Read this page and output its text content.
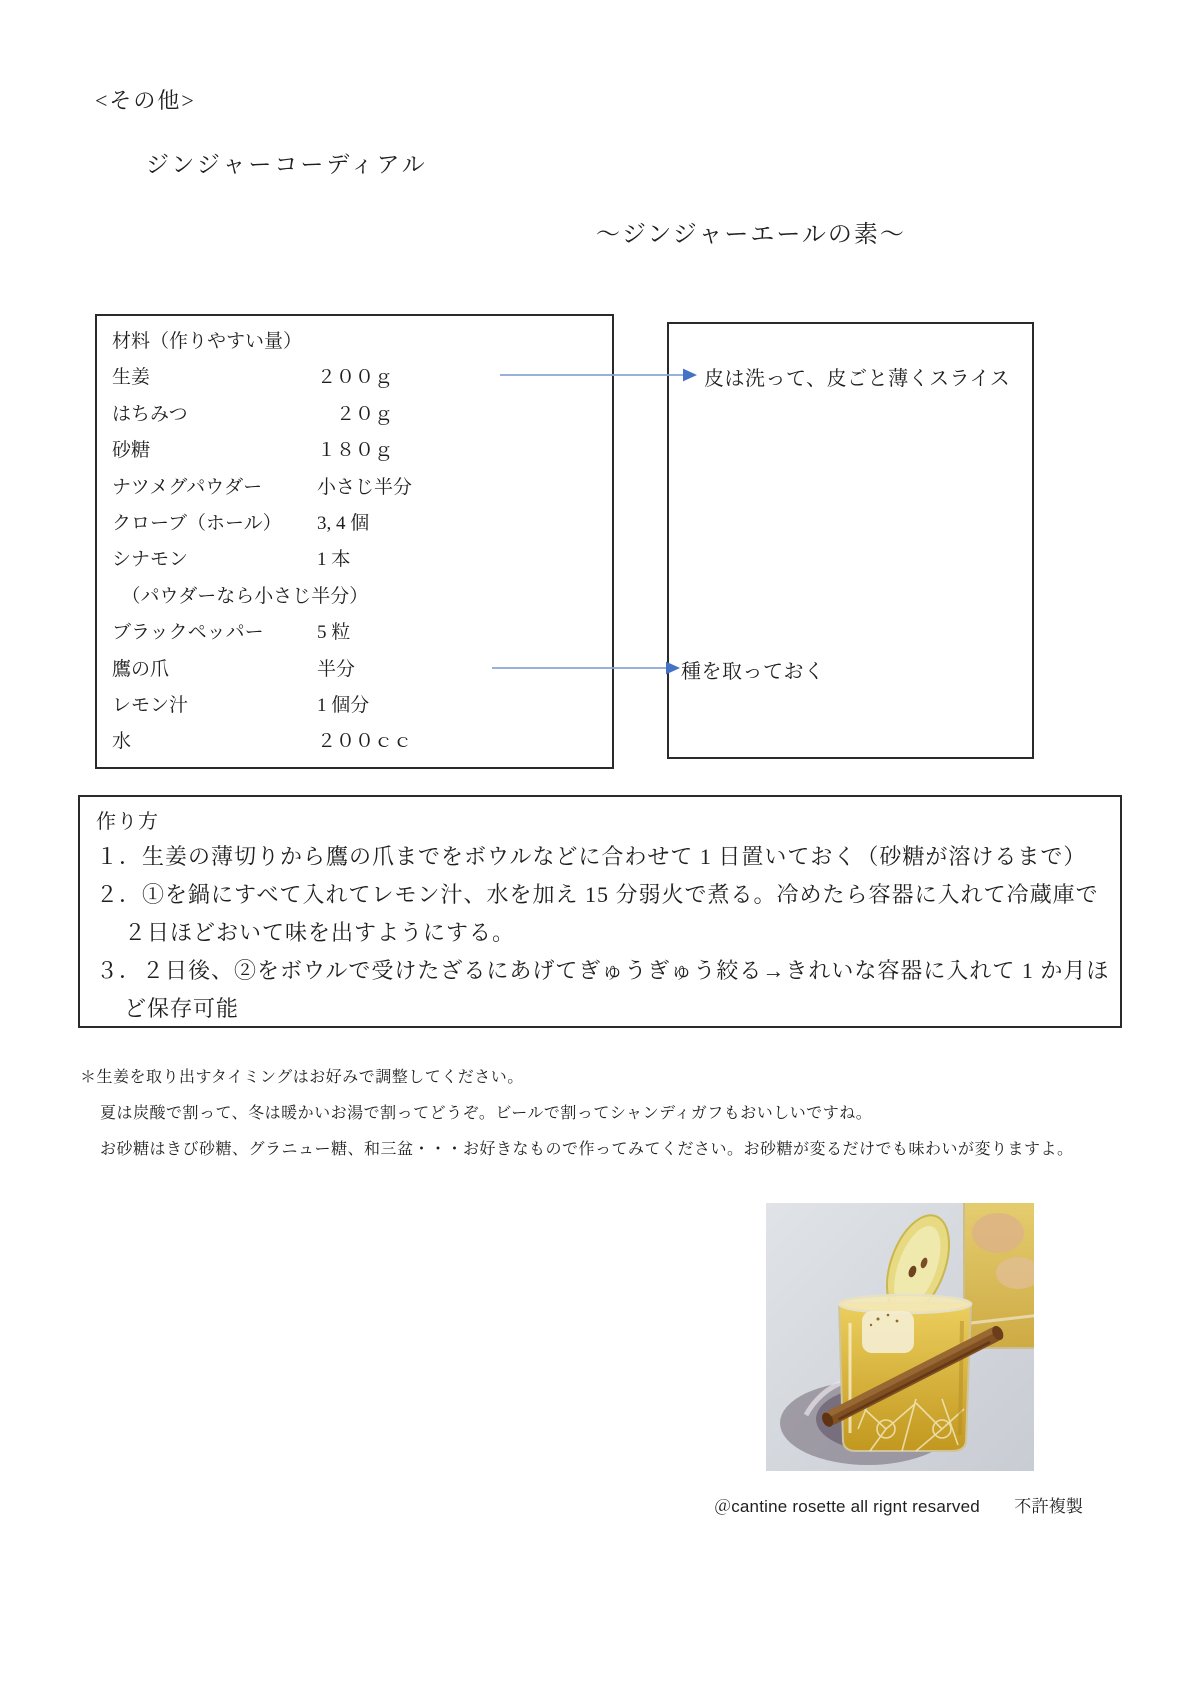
<その他>
ジンジャーコーディアル
～ジンジャーエールの素～
材料（作りやすい量）
生姜	２００ｇ
はちみつ	　２０ｇ
砂糖	１８０ｇ
ナツメグパウダー	小さじ半分
クローブ（ホール） 3, 4 個
シナモン	1 本
　（パウダーなら小さじ半分）
ブラックペッパー	5 粒
鷹の爪	半分
レモン汁	1 個分
水	２００ｃｃ
皮は洗って、皮ごと薄くスライス
種を取っておく
作り方
１．生姜の薄切りから鷹の爪までをボウルなどに合わせて 1 日置いておく（砂糖が溶けるまで）
２．①を鍋にすべて入れてレモン汁、水を加え 15 分弱火で煮る。冷めたら容器に入れて冷蔵庫で
２日ほどおいて味を出すようにする。
３．２日後、②をボウルで受けたざるにあげてぎゅうぎゅう絞る→きれいな容器に入れて 1 か月ほ
ど保存可能
＊生姜を取り出すタイミングはお好みで調整してください。
夏は炭酸で割って、冬は暖かいお湯で割ってどうぞ。ビールで割ってシャンディガフもおいしいですね。
お砂糖はきび砂糖、グラニュー糖、和三盆・・・お好きなもので作ってみてください。お砂糖が変るだけでも味わいが変りますよ。
＠cantine rosette all rignt resarved　　不許複製
